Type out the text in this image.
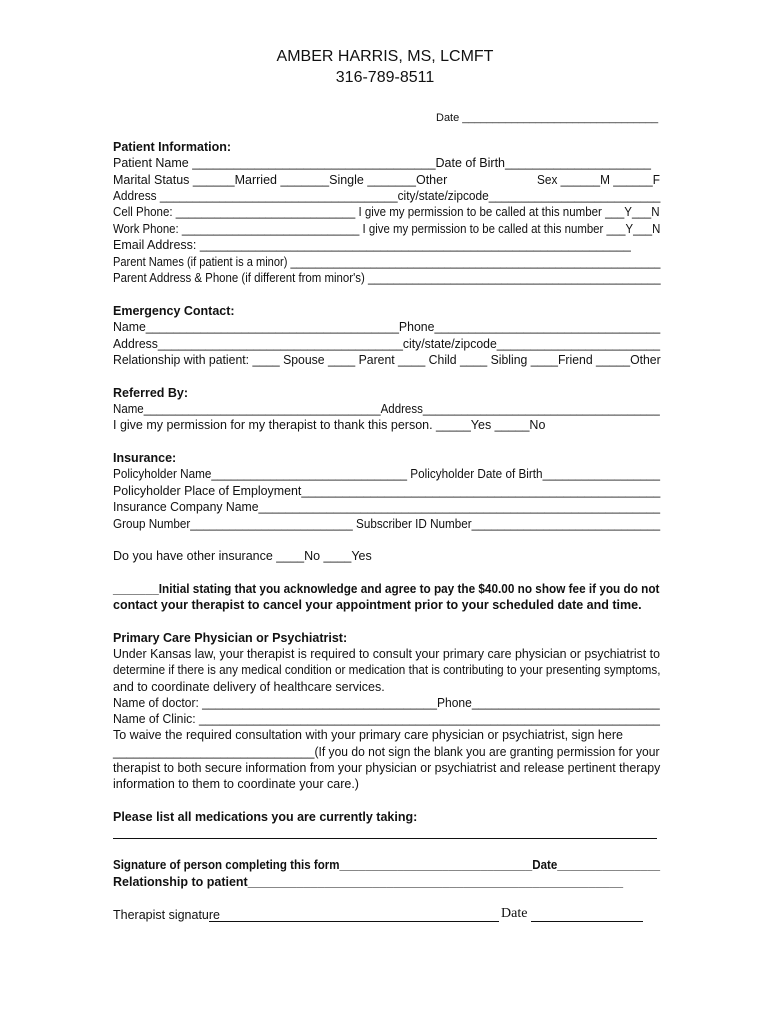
AMBER HARRIS, MS, LCMFT
316-789-8511
Date ________________________________
Patient Information:
Patient Name ___________________________________Date of Birth_____________________
Marital Status ______Married _______Single _______Other	Sex ______M ______F
Address ____________________________________city/state/zipcode__________________________
Cell Phone: ____________________________ I give my permission to be called at this number ___Y___N
Work Phone: ____________________________ I give my permission to be called at this number ___Y___N
Email Address: ______________________________________________________________
Parent Names (if patient is a minor) ____________________________________________________________
Parent Address & Phone (if different from minor's) ______________________________________________
Emergency Contact:
Name_____________________________________Phone_________________________________
Address____________________________________city/state/zipcode________________________
Relationship with patient: ____ Spouse ____ Parent ____ Child ____ Sibling ____Friend _____Other
Referred By:
Name_____________________________________Address_____________________________________
I give my permission for my therapist to thank this person. _____Yes _____No
Insurance:
Policyholder Name______________________________ Policyholder Date of Birth__________________
Policyholder Place of Employment____________________________________________________
Insurance Company Name___________________________________________________________
Group Number_________________________ Subscriber ID Number_____________________________
Do you have other insurance ____No ____Yes
_______Initial stating that you acknowledge and agree to pay the $40.00 no show fee if you do not
contact your therapist to cancel your appointment prior to your scheduled date and time.
Primary Care Physician or Psychiatrist:
Under Kansas law, your therapist is required to consult your primary care physician or psychiatrist to
determine if there is any medical condition or medication that is contributing to your presenting symptoms,
and to coordinate delivery of healthcare services.
Name of doctor: ___________________________________Phone____________________________
Name of Clinic: ____________________________________________________________________
To waive the required consultation with your primary care physician or psychiatrist, sign here
______________________________(If you do not sign the blank you are granting permission for your
therapist to both secure information from your physician or psychiatrist and release pertinent therapy
information to them to coordinate your care.)
Please list all medications you are currently taking:
Signature of person completing this form______________________________Date________________
Relationship to patient______________________________________________________
Therapist signature	Date
